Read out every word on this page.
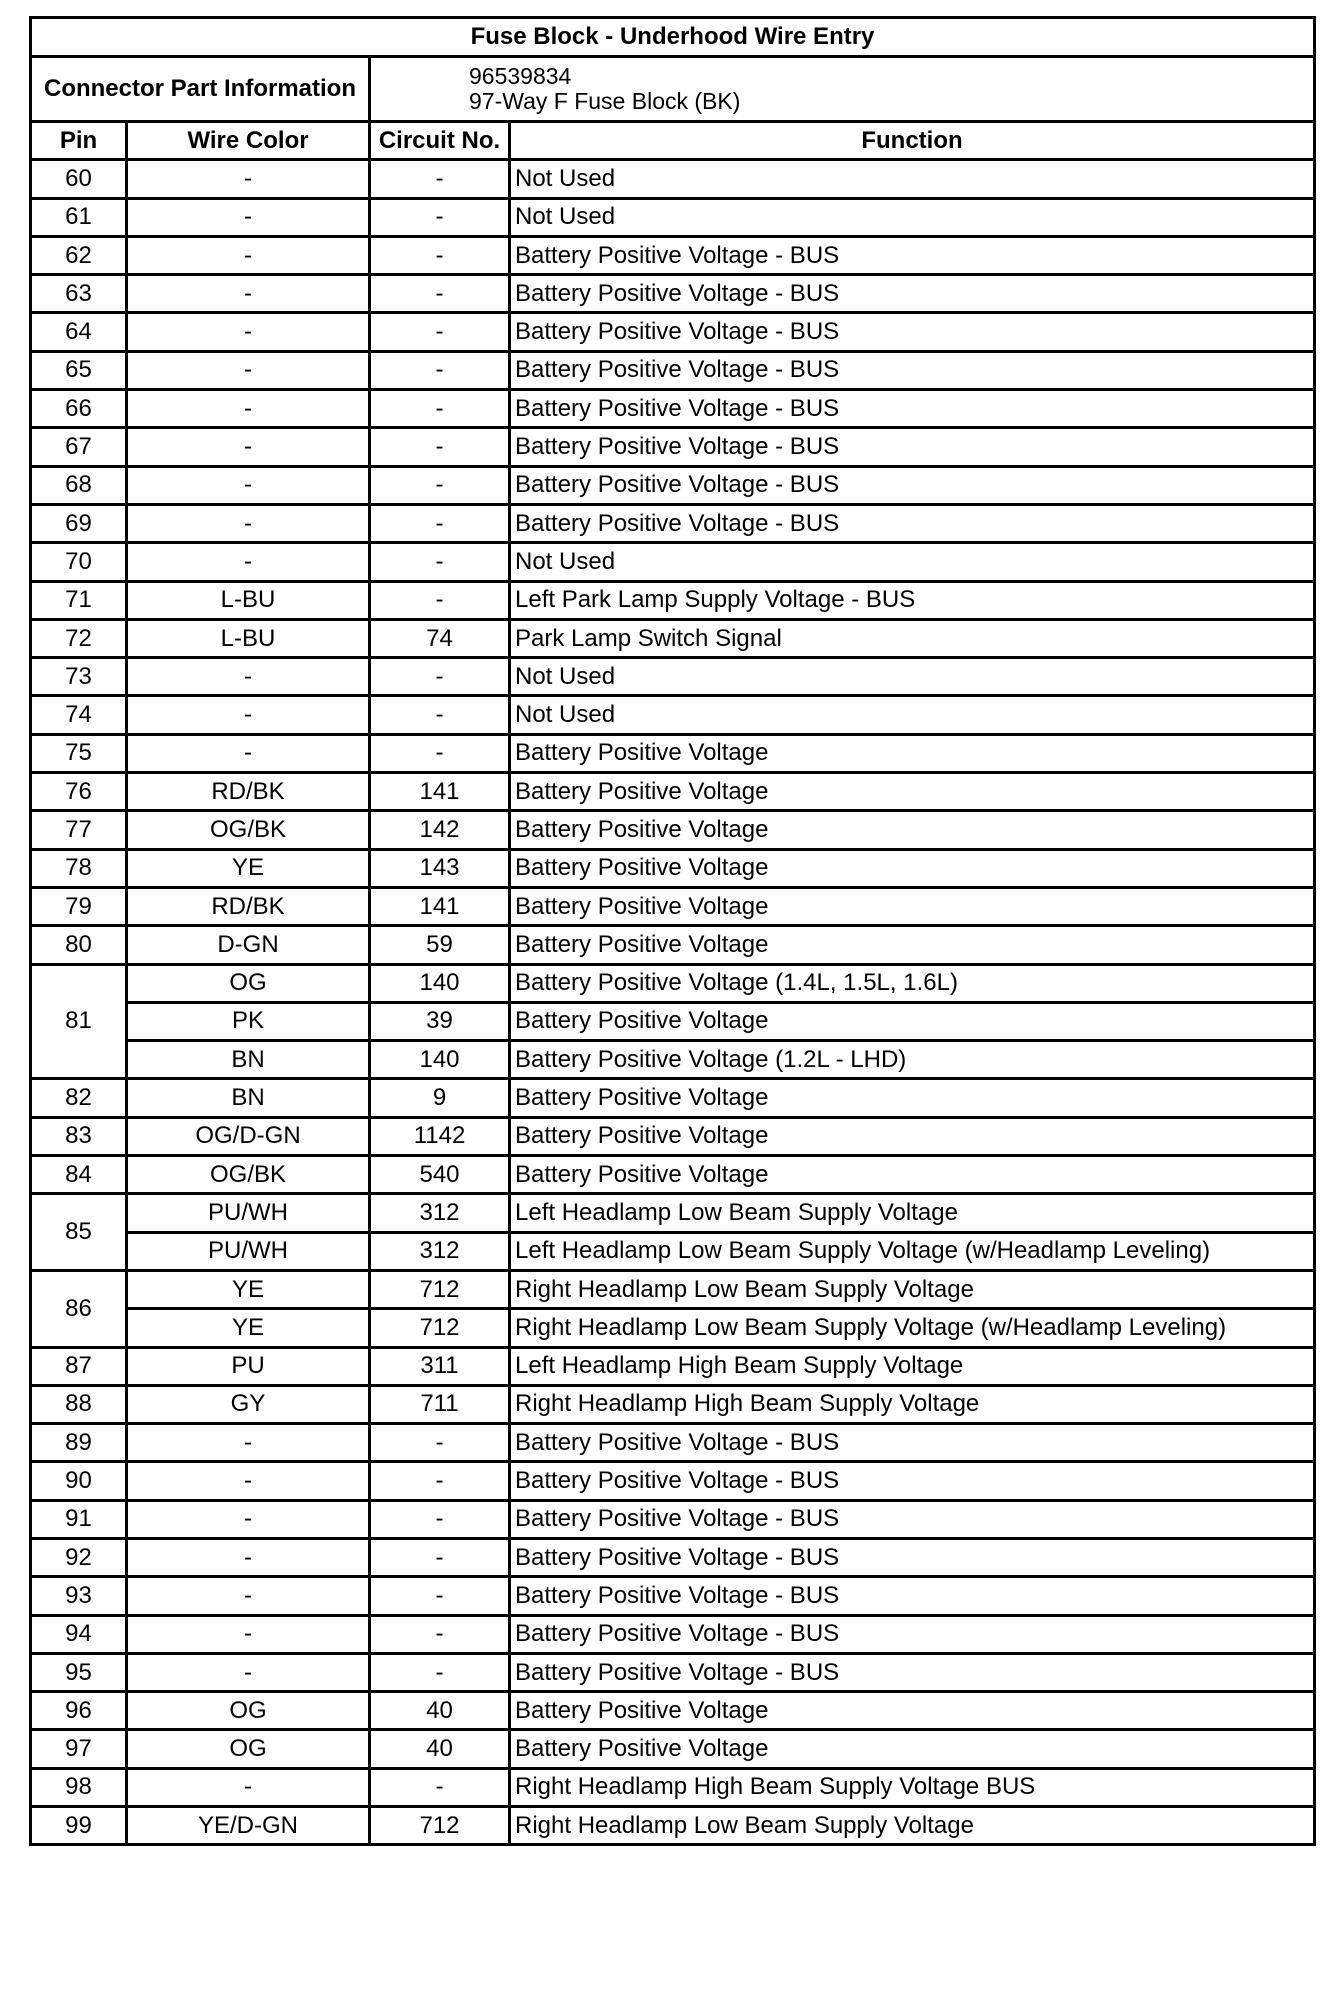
Fuse Block - Underhood Wire Entry			
Connector Part Information		96539834
97-Way F Fuse Block (BK)	

Pin	Wire Color	Circuit No.	Function
60	-	-	Not Used
61	-	-	Not Used
62	-	-	Battery Positive Voltage - BUS
63	-	-	Battery Positive Voltage - BUS
64	-	-	Battery Positive Voltage - BUS
65	-	-	Battery Positive Voltage - BUS
66	-	-	Battery Positive Voltage - BUS
67	-	-	Battery Positive Voltage - BUS
68	-	-	Battery Positive Voltage - BUS
69	-	-	Battery Positive Voltage - BUS
70	-	-	Not Used
71	L-BU	-	Left Park Lamp Supply Voltage - BUS
72	L-BU	74	Park Lamp Switch Signal
73	-	-	Not Used
74	-	-	Not Used
75	-	-	Battery Positive Voltage
76	RD/BK	141	Battery Positive Voltage
77	OG/BK	142	Battery Positive Voltage
78	YE	143	Battery Positive Voltage
79	RD/BK	141	Battery Positive Voltage
80	D-GN	59	Battery Positive Voltage
81	OG	140	Battery Positive Voltage (1.4L, 1.5L, 1.6L)
	PK	39	Battery Positive Voltage
	BN	140	Battery Positive Voltage (1.2L - LHD)
82	BN	9	Battery Positive Voltage
83	OG/D-GN	1142	Battery Positive Voltage
84	OG/BK	540	Battery Positive Voltage
85	PU/WH	312	Left Headlamp Low Beam Supply Voltage
	PU/WH	312	Left Headlamp Low Beam Supply Voltage (w/Headlamp Leveling)
86	YE	712	Right Headlamp Low Beam Supply Voltage
	YE	712	Right Headlamp Low Beam Supply Voltage (w/Headlamp Leveling)
87	PU	311	Left Headlamp High Beam Supply Voltage
88	GY	711	Right Headlamp High Beam Supply Voltage
89	-	-	Battery Positive Voltage - BUS
90	-	-	Battery Positive Voltage - BUS
91	-	-	Battery Positive Voltage - BUS
92	-	-	Battery Positive Voltage - BUS
93	-	-	Battery Positive Voltage - BUS
94	-	-	Battery Positive Voltage - BUS
95	-	-	Battery Positive Voltage - BUS
96	OG	40	Battery Positive Voltage
97	OG	40	Battery Positive Voltage
98	-	-	Right Headlamp High Beam Supply Voltage BUS
99	YE/D-GN	712	Right Headlamp Low Beam Supply Voltage
